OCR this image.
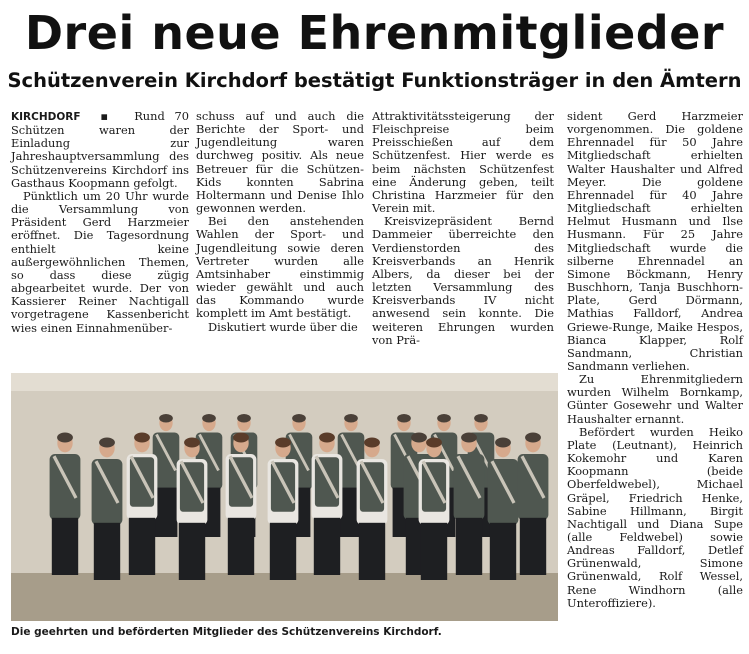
Drei neue Ehrenmitglieder
Schützenverein Kirchdorf bestätigt Funktionsträger in den Ämtern

KIRCHDORF  ▪  Rund 70 Schützen waren der Einladung zur Jahreshauptversammlung des Schützenvereins Kirchdorf ins Gasthaus Koopmann gefolgt.

Pünktlich um 20 Uhr wurde die Versammlung von Präsident Gerd Harzmeier eröffnet. Die Tagesordnung enthielt keine außergewöhnlichen Themen, so dass diese zügig abgearbeitet wurde. Der von Kassierer Reiner Nachtigall vorgetragene Kassenbericht wies einen Einnahmenüber-

schuss auf und auch die Berichte der Sport- und Jugendleitung waren durchweg positiv. Als neue Betreuer für die Schützen-Kids konnten Sabrina Holtermann und Denise Ihlo gewonnen werden.

Bei den anstehenden Wahlen der Sport- und Jugendleitung sowie deren Vertreter wurden alle Amtsinhaber einstimmig wieder gewählt und auch das Kommando wurde komplett im Amt bestätigt.

Diskutiert wurde über die

Attraktivitätssteigerung der Fleischpreise beim Preisschießen auf dem Schützenfest. Hier werde es beim nächsten Schützenfest eine Änderung geben, teilt Christina Harzmeier für den Verein mit.

Kreisvizepräsident Bernd Dammeier überreichte den Verdienstorden des Kreisverbands an Henrik Albers, da dieser bei der letzten Versammlung des Kreisverbands IV nicht anwesend sein konnte. Die weiteren Ehrungen wurden von Prä-

sident Gerd Harzmeier vorgenommen. Die goldene Ehrennadel für 50 Jahre Mitgliedschaft erhielten Walter Haushalter und Alfred Meyer. Die goldene Ehrennadel für 40 Jahre Mitgliedschaft erhielten Helmut Husmann und Ilse Husmann. Für 25 Jahre Mitgliedschaft wurde die silberne Ehrennadel an Simone Böckmann, Henry Buschhorn, Tanja Buschhorn-Plate, Gerd Dörmann, Mathias Falldorf, Andrea Griewe-Runge, Maike Hespos, Bianca Klapper, Rolf Sandmann, Christian Sandmann verliehen.

Zu Ehrenmitgliedern wurden Wilhelm Bornkamp, Günter Gosewehr und Walter Haushalter ernannt.

Befördert wurden Heiko Plate (Leutnant), Heinrich Kokemohr und Karen Koopmann (beide Oberfeldwebel), Michael Gräpel, Friedrich Henke, Sabine Hillmann, Birgit Nachtigall und Diana Supe (alle Feldwebel) sowie Andreas Falldorf, Detlef Grünenwald, Simone Grünenwald, Rolf Wessel, Rene Windhorn (alle Unteroffiziere).

Die geehrten und beförderten Mitglieder des Schützenvereins Kirchdorf.
